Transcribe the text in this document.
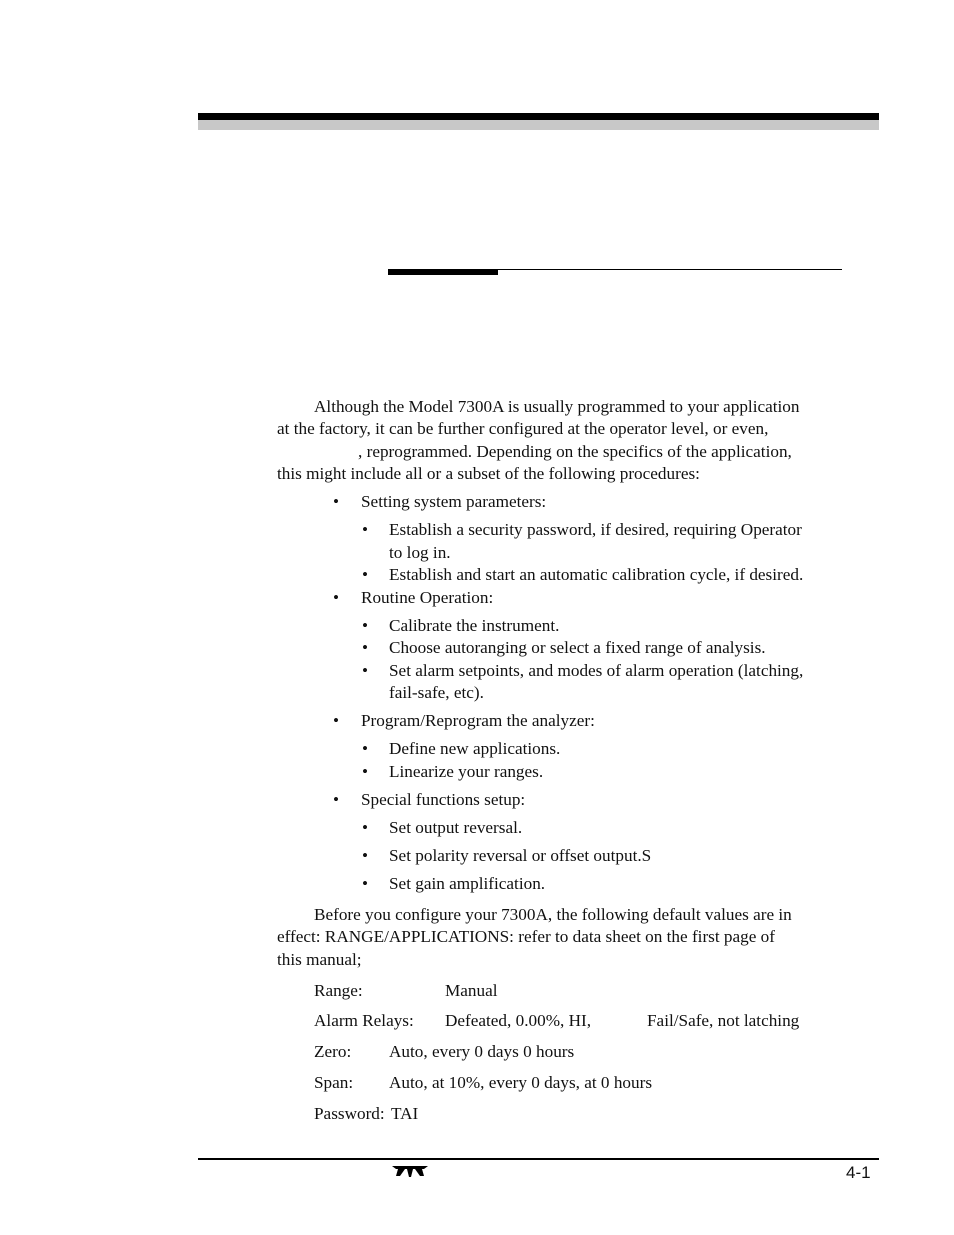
Although the Model 7300A is usually programmed to your application
at the factory, it can be further configured at the operator level, or even,
, reprogrammed. Depending on the specifics of the application,
this might include all or a subset of the following procedures:
• Setting system parameters:
• Establish a security password, if desired, requiring Operator
to log in.
• Establish and start an automatic calibration cycle, if desired.
• Routine Operation:
• Calibrate the instrument.
• Choose autoranging or select a fixed range of analysis.
• Set alarm setpoints, and modes of alarm operation (latching,
fail-safe, etc).
• Program/Reprogram the analyzer:
• Define new applications.
• Linearize your ranges.
• Special functions setup:
• Set output reversal.
• Set polarity reversal or offset output.S
• Set gain amplification.
Before you configure your 7300A, the following default values are in
effect: RANGE/APPLICATIONS: refer to data sheet on the first page of
this manual;
Range:	Manual
Alarm Relays: Defeated, 0.00%, HI,	Fail/Safe, not latching
Zero: Auto, every 0 days 0 hours
Span: Auto, at 10%, every 0 days, at 0 hours
Password: TAI
4-1
